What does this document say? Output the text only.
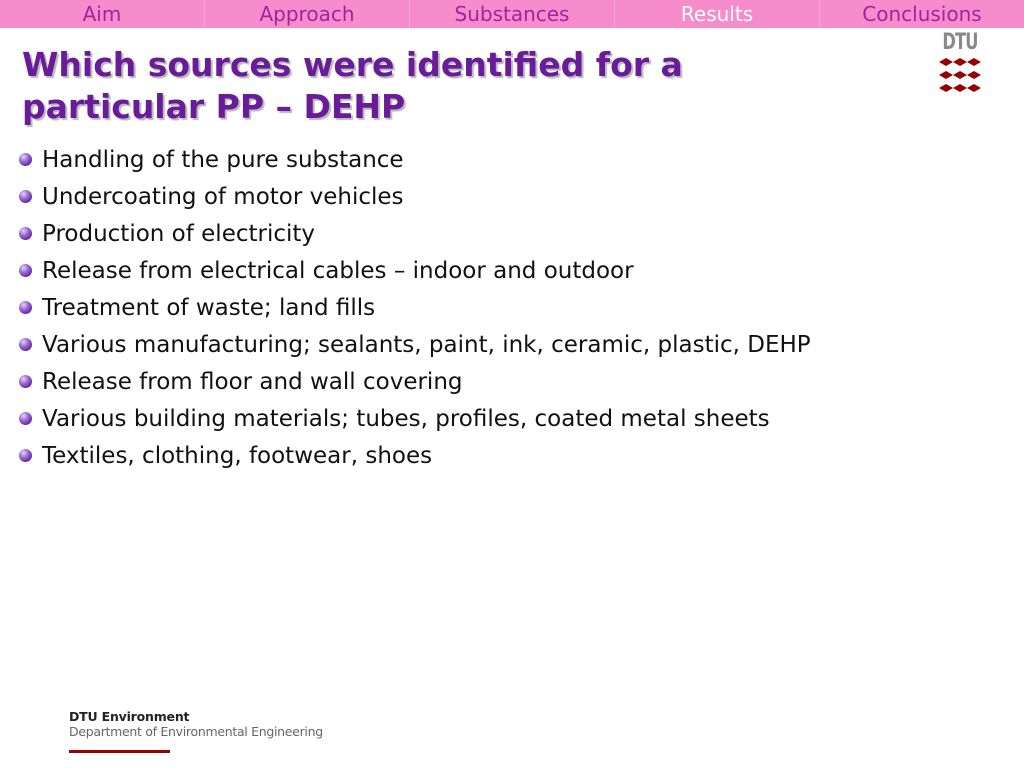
Aim	Approach	Substances	Results	Conclusions
Which sources were identified for a particular PP – DEHP
DTU
Handling of the pure substance
Undercoating of motor vehicles
Production of electricity
Release from electrical cables – indoor and outdoor
Treatment of waste; land fills
Various manufacturing; sealants, paint, ink, ceramic, plastic, DEHP
Release from floor and wall covering
Various building materials; tubes, profiles, coated metal sheets
Textiles, clothing, footwear, shoes
DTU Environment
Department of Environmental Engineering
